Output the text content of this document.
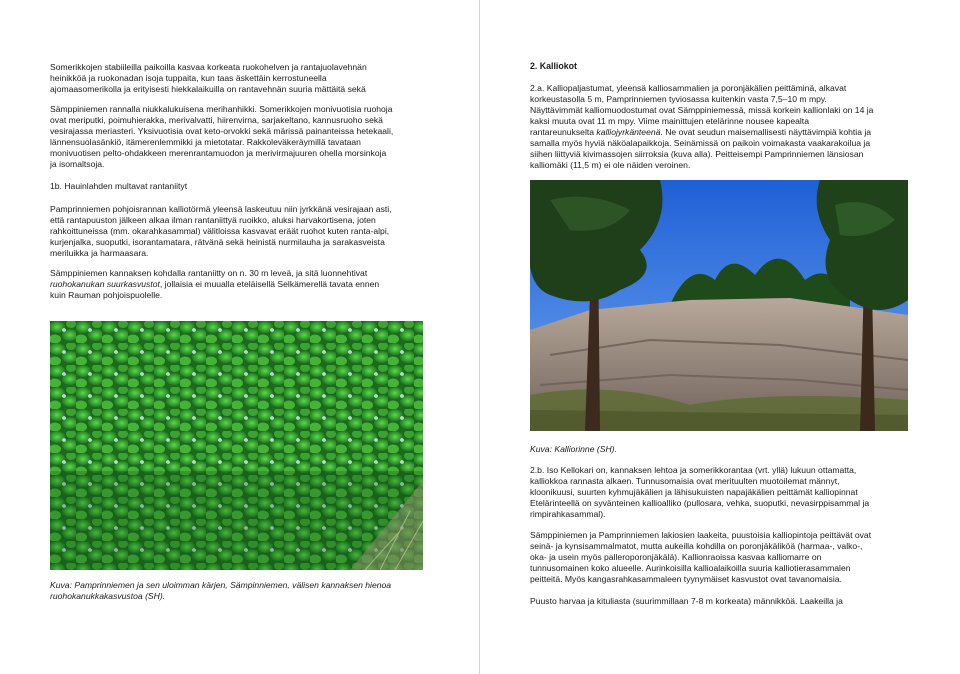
Somerikkojen stabiileilla paikoilla kasvaa korkeata ruokohelven ja rantajuolavehnän
heinikköä ja ruokonadan isoja tuppaita, kun taas äskettäin kerrostuneella
ajomaasomerikolla ja erityisesti hiekkalaikuilla on rantavehnän suuria mättäitä sekä

Sämppiniemen rannalla niukkalukuisena merihanhikki. Somerikkojen monivuotisia ruohoja
ovat meriputki, poimuhierakka, merivalvatti, hiirenvirna, sarjakeltano, kannusruoho sekä
vesirajassa meriasteri. Yksivuotisia ovat keto-orvokki sekä märissä painanteissa hetekaali,
lännensuolasänkiö, itämerenlemmikki ja mietotatar. Rakkoleväkeräymillä tavataan
monivuotisen pelto-ohdakkeen merenrantamuodon ja merivirmajuuren ohella morsinkoja
ja isomaltsoja.

1b. Hauinlahden multavat rantaniityt

Pamprinniemen pohjoisrannan kalliotörmä yleensä laskeutuu niin jyrkkänä vesirajaan asti,
että rantapuuston jälkeen alkaa ilman rantaniittyä ruoikko, aluksi harvakortisena, joten
rahkoittuneissa (mm. okarahkasammal) välitloissa kasvavat eräät ruohot kuten ranta-alpi,
kurjenjalka, suoputki, isorantamatara, rätvänä sekä heinistä nurmilauha ja sarakasveista
meriluikka ja harmaasara.

Sämppiniemen kannaksen kohdalla rantaniitty on n. 30 m leveä, ja sitä luonnehtivat
ruohokanukan suurkasvustot, jollaisia ei muualla eteläisellä Selkämerellä tavata ennen
kuin Rauman pohjoispuolelle.

Kuva: Pamprinniemen ja sen uloimman kärjen, Sämpinniemen, välisen kannaksen hienoa
ruohokanukkakasvustoa (SH).

2. Kalliokot

2.a. Kalliopaljastumat, yleensä kalliosammalien ja poronjäkälien peittäminä, alkavat
korkeustasolla 5 m, Pamprinniemen tyviosassa kuitenkin vasta 7,5–10 m mpy.
Näyttävimmät kalliomuodostumat ovat Sämppiniemessä, missä korkein kallionlaki on 14 ja
kaksi muuta ovat 11 m mpy. Viime mainittujen etelärinne nousee kapealta
rantareunukselta kalliojyrkänteenä. Ne ovat seudun maisemallisesti näyttävimpiä kohtia ja
samalla myös hyviä näköalapaikkoja. Seinämissä on paikoin voimakasta vaakarakoilua ja
siihen liittyviä kivimassojen siirroksia (kuva alla). Peitteisempi Pamprinniemen länsiosan
kalliomäki (11,5 m) ei ole näiden veroinen.

Kuva: Kalliorinne (SH).

2.b. Iso Kellokari on, kannaksen lehtoa ja somerikkorantaa (vrt. yllä) lukuun ottamatta,
kalliokkoa rannasta alkaen. Tunnusomaisia ovat merituulten muotoilemat männyt,
kloonikuusi, suurten kyhmujäkälien ja lähisukuisten napajäkälien peittämät kalliopinnat
Etelärinteellä on syvänteinen kallioalliko (pullosara, vehka, suoputki, nevasirppisammal ja
rimpirahkasammal).

Sämppiniemen ja Pamprinniemen lakiosien laakeita, puustoisia kalliopintoja peittävät ovat
seinä- ja kynsisammalmatot, mutta aukeilla kohdilla on poronjäkäliköä (harmaa-, valko-,
oka- ja usein myös palleroporonjäkälä). Kallionraoissa kasvaa kalliomarre on
tunnusomainen koko alueelle. Aurinkoisilla kallioalaikoilla suuria kalliotierasammalen
peitteitä. Myös kangasrahkasammaleen tyynymäiset kasvustot ovat tavanomaisia.

Puusto harvaa ja kituliasta (suurimmillaan 7-8 m korkeata) männikköä. Laakeilla ja
